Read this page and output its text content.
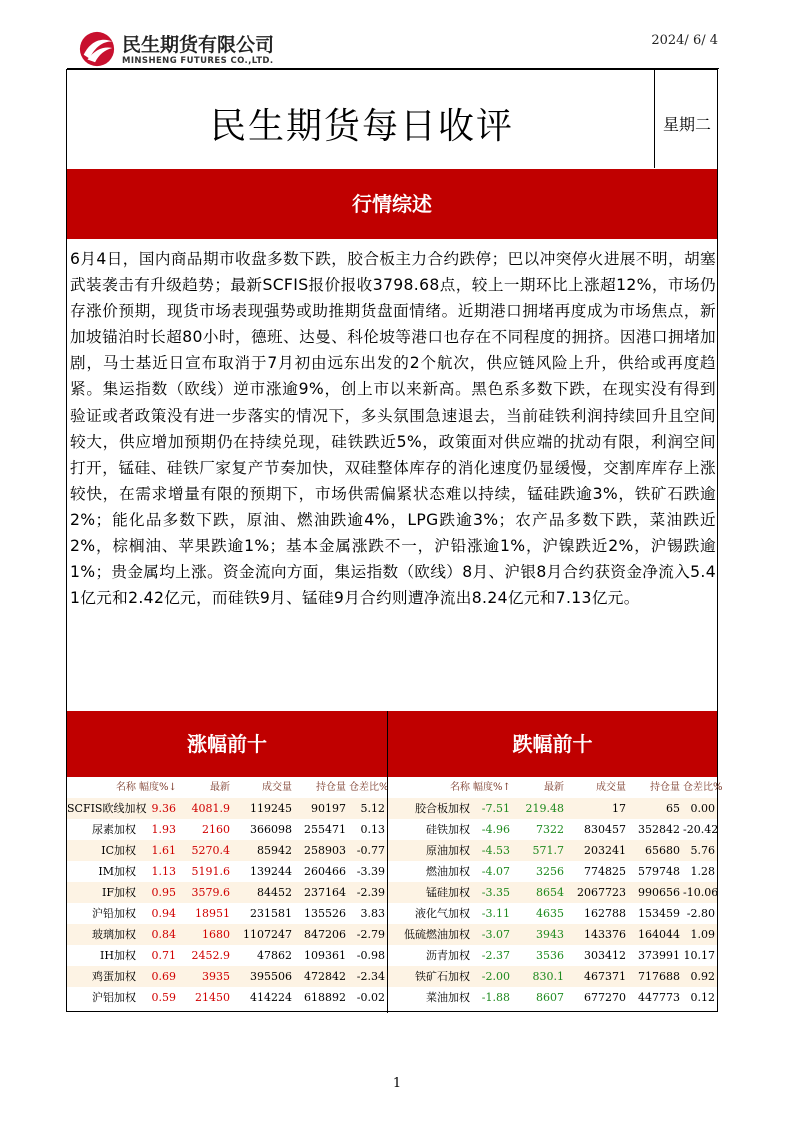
民生期货有限公司
MINSHENG FUTURES CO.,LTD.
2024/ 6/ 4
民生期货每日收评	星期二
行情综述
6月4日，国内商品期市收盘多数下跌，胶合板主力合约跌停；巴以冲突停火进展不明，胡塞武装袭击有升级趋势；最新SCFIS报价报收3798.68点，较上一期环比上涨超12%，市场仍存涨价预期，现货市场表现强势或助推期货盘面情绪。近期港口拥堵再度成为市场焦点，新加坡锚泊时长超80小时，德班、达曼、科伦坡等港口也存在不同程度的拥挤。因港口拥堵加剧，马士基近日宣布取消于7月初由远东出发的2个航次，供应链风险上升，供给或再度趋紧。集运指数（欧线）逆市涨逾9%，创上市以来新高。黑色系多数下跌，在现实没有得到验证或者政策没有进一步落实的情况下，多头氛围急速退去，当前硅铁利润持续回升且空间较大，供应增加预期仍在持续兑现，硅铁跌近5%，政策面对供应端的扰动有限，利润空间打开，锰硅、硅铁厂家复产节奏加快，双硅整体库存的消化速度仍显缓慢，交割库库存上涨较快，在需求增量有限的预期下，市场供需偏紧状态难以持续，锰硅跌逾3%，铁矿石跌逾2%；能化品多数下跌，原油、燃油跌逾4%，LPG跌逾3%；农产品多数下跌，菜油跌近2%，棕榈油、苹果跌逾1%；基本金属涨跌不一，沪铅涨逾1%，沪镍跌近2%，沪锡跌逾1%；贵金属均上涨。资金流向方面，集运指数（欧线）8月、沪银8月合约获资金净流入5.41亿元和2.42亿元，而硅铁9月、锰硅9月合约则遭净流出8.24亿元和7.13亿元。
涨幅前十
名称 幅度%↓	最新	成交量	持仓量 仓差比%
SCFIS欧线加权 9.36	4081.9	119245	90197	5.12
尿素加权	1.93	2160	366098	255471	0.13
IC加权	1.61	5270.4	85942	258903 -0.77
IM加权	1.13	5191.6	139244	260466 -3.39
IF加权	0.95	3579.6	84452	237164 -2.39
沪铅加权	0.94	18951	231581	135526	3.83
玻璃加权	0.84	1680	1107247	847206 -2.79
IH加权	0.71	2452.9	47862	109361 -0.98
鸡蛋加权	0.69	3935	395506	472842 -2.34
沪铝加权	0.59	21450	414224	618892 -0.02
跌幅前十
名称 幅度%↑	最新	成交量	持仓量 仓差比%
胶合板加权	-7.51	219.48	17	65 0.00
硅铁加权	-4.96	7322	830457	352842 -20.42
原油加权	-4.53	571.7	203241	65680 5.76
燃油加权	-4.07	3256	774825	579748 1.28
锰硅加权	-3.35	8654	2067723	990656 -10.06
液化气加权	-3.11	4635	162788	153459 -2.80
低硫燃油加权	-3.07	3943	143376	164044 1.09
沥青加权	-2.37	3536	303412	373991 10.17
铁矿石加权	-2.00	830.1	467371	717688 0.92
菜油加权	-1.88	8607	677270	447773 0.12
1
